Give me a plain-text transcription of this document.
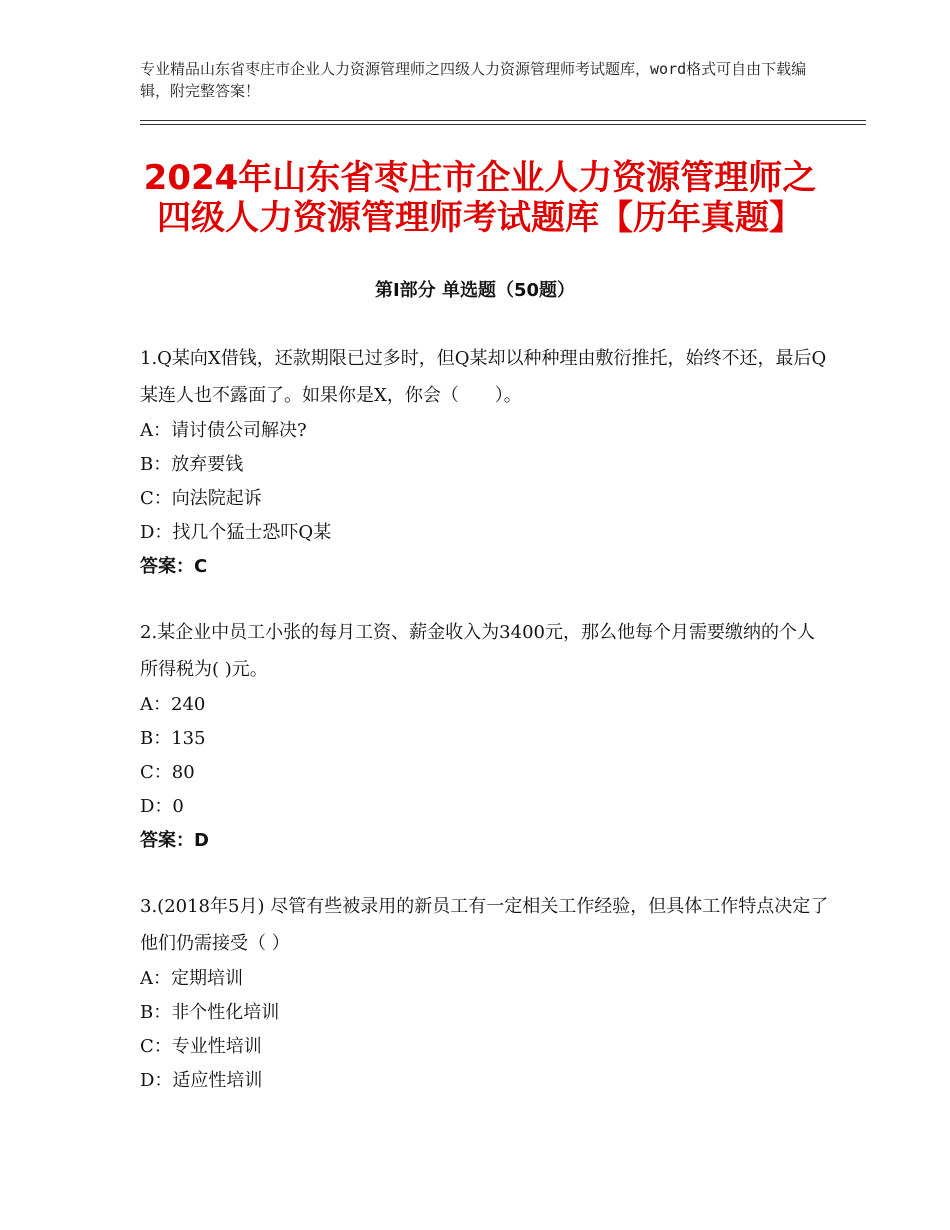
专业精品山东省枣庄市企业人力资源管理师之四级人力资源管理师考试题库，word格式可自由下载编辑，附完整答案！
2024年山东省枣庄市企业人力资源管理师之四级人力资源管理师考试题库【历年真题】
第Ⅰ部分 单选题（50题）

1.Q某向X借钱，还款期限已过多时，但Q某却以种种理由敷衍推托，始终不还，最后Q某连人也不露面了。如果你是X，你会（　　）。

A：请讨债公司解决?

B：放弃要钱

C：向法院起诉

D：找几个猛士恐吓Q某

答案：C

2.某企业中员工小张的每月工资、薪金收入为3400元，那么他每个月需要缴纳的个人所得税为( )元。

A：240

B：135

C：80

D：0

答案：D

3.(2018年5月) 尽管有些被录用的新员工有一定相关工作经验，但具体工作特点决定了他们仍需接受（ ）

A：定期培训

B：非个性化培训

C：专业性培训

D：适应性培训
